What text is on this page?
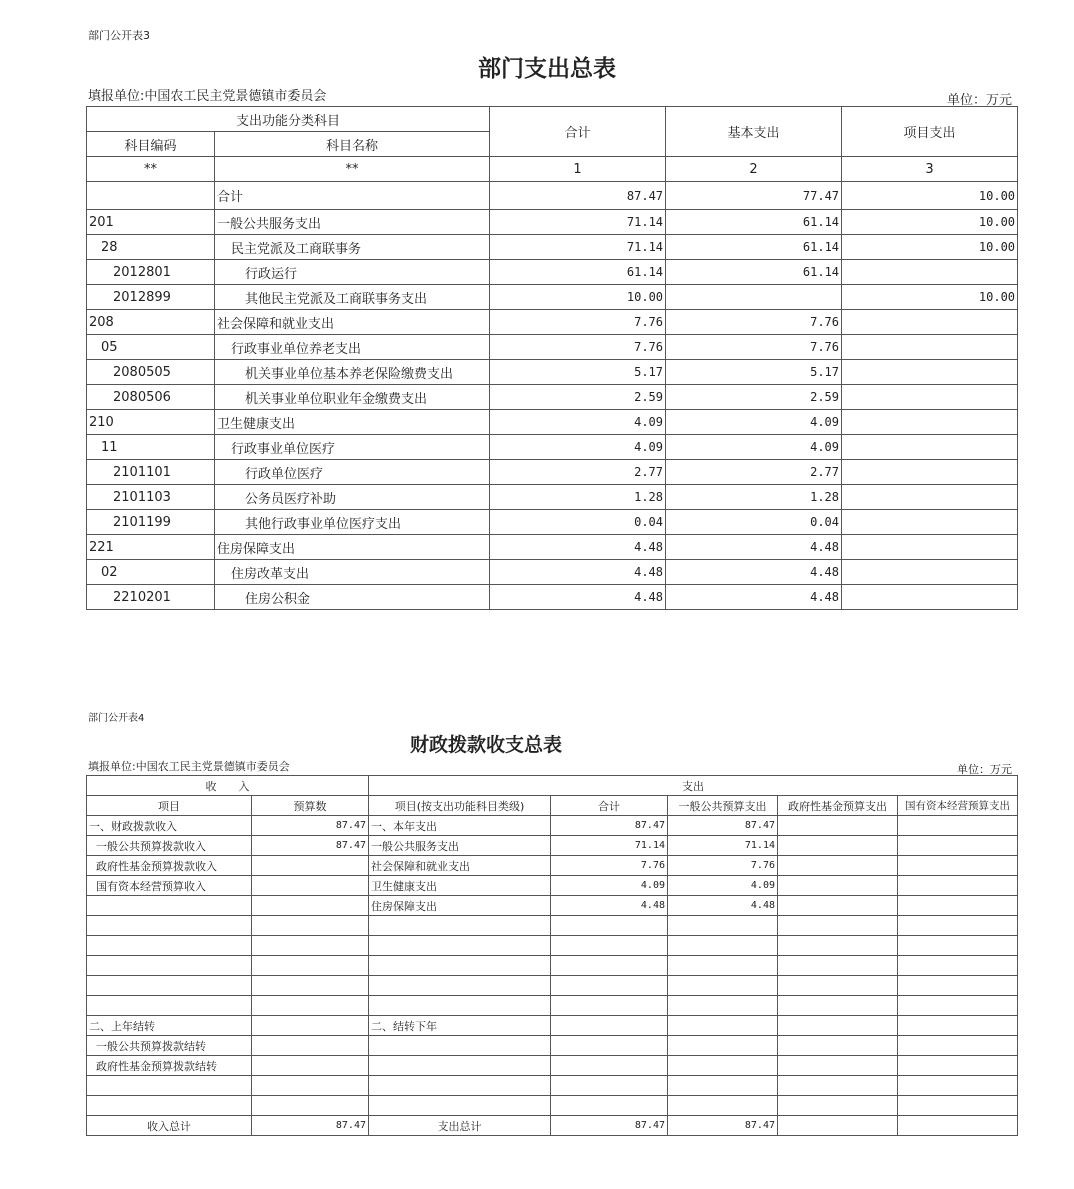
部门公开表3
部门支出总表
填报单位:中国农工民主党景德镇市委员会	单位：万元
支出功能分类科目		合计	基本支出	项目支出
科目编码	科目名称			
**	**	1	2	3
	合计	87.47	77.47	10.00
201	一般公共服务支出	71.14	61.14	10.00
28	民主党派及工商联事务	71.14	61.14	10.00
2012801	行政运行	61.14	61.14	
2012899	其他民主党派及工商联事务支出	10.00		10.00
208	社会保障和就业支出	7.76	7.76	
05	行政事业单位养老支出	7.76	7.76	
2080505	机关事业单位基本养老保险缴费支出	5.17	5.17	
2080506	机关事业单位职业年金缴费支出	2.59	2.59	
210	卫生健康支出	4.09	4.09	
11	行政事业单位医疗	4.09	4.09	
2101101	行政单位医疗	2.77	2.77	
2101103	公务员医疗补助	1.28	1.28	
2101199	其他行政事业单位医疗支出	0.04	0.04	
221	住房保障支出	4.48	4.48	
02	住房改革支出	4.48	4.48	
2210201	住房公积金	4.48	4.48	
部门公开表4
财政拨款收支总表
填报单位:中国农工民主党景德镇市委员会	单位：万元
收　　入		支出				
项目	预算数	项目(按支出功能科目类级)	合计	一般公共预算支出	政府性基金预算支出	国有资本经营预算支出
一、财政拨款收入	87.47	一、本年支出	87.47	87.47		
一般公共预算拨款收入	87.47	一般公共服务支出	71.14	71.14		
政府性基金预算拨款收入		社会保障和就业支出	7.76	7.76		
国有资本经营预算收入		卫生健康支出	4.09	4.09		
		住房保障支出	4.48	4.48		

二、上年结转		二、结转下年				
一般公共预算拨款结转						
政府性基金预算拨款结转						

收入总计	87.47	支出总计	87.47	87.47		
